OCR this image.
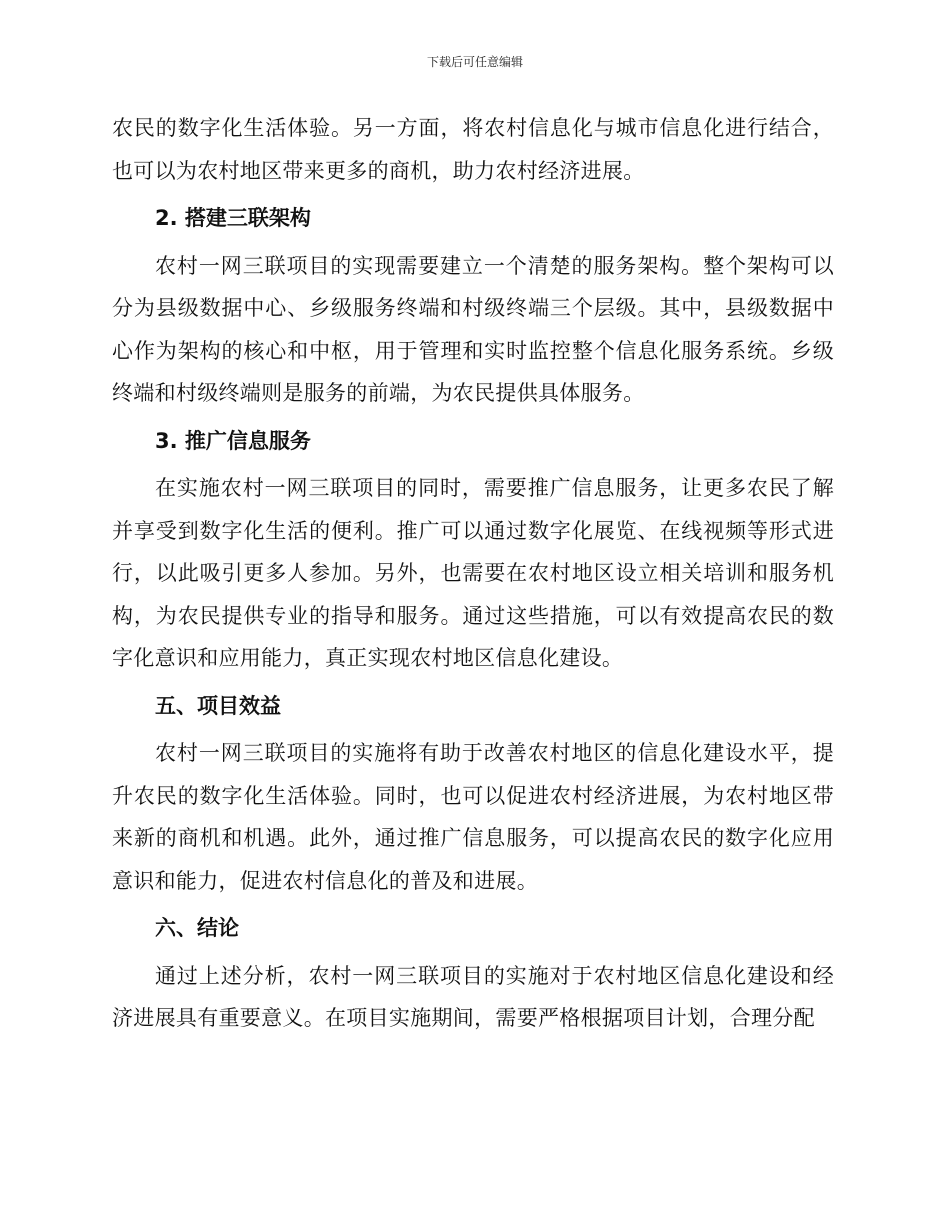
下载后可任意编辑

农民的数字化生活体验。另一方面，将农村信息化与城市信息化进行结合，也可以为农村地区带来更多的商机，助力农村经济进展。

2. 搭建三联架构

农村一网三联项目的实现需要建立一个清楚的服务架构。整个架构可以分为县级数据中心、乡级服务终端和村级终端三个层级。其中，县级数据中心作为架构的核心和中枢，用于管理和实时监控整个信息化服务系统。乡级终端和村级终端则是服务的前端，为农民提供具体服务。

3. 推广信息服务

在实施农村一网三联项目的同时，需要推广信息服务，让更多农民了解并享受到数字化生活的便利。推广可以通过数字化展览、在线视频等形式进行，以此吸引更多人参加。另外，也需要在农村地区设立相关培训和服务机构，为农民提供专业的指导和服务。通过这些措施，可以有效提高农民的数字化意识和应用能力，真正实现农村地区信息化建设。

五、项目效益

农村一网三联项目的实施将有助于改善农村地区的信息化建设水平，提升农民的数字化生活体验。同时，也可以促进农村经济进展，为农村地区带来新的商机和机遇。此外，通过推广信息服务，可以提高农民的数字化应用意识和能力，促进农村信息化的普及和进展。

六、结论

通过上述分析，农村一网三联项目的实施对于农村地区信息化建设和经济进展具有重要意义。在项目实施期间，需要严格根据项目计划，合理分配
